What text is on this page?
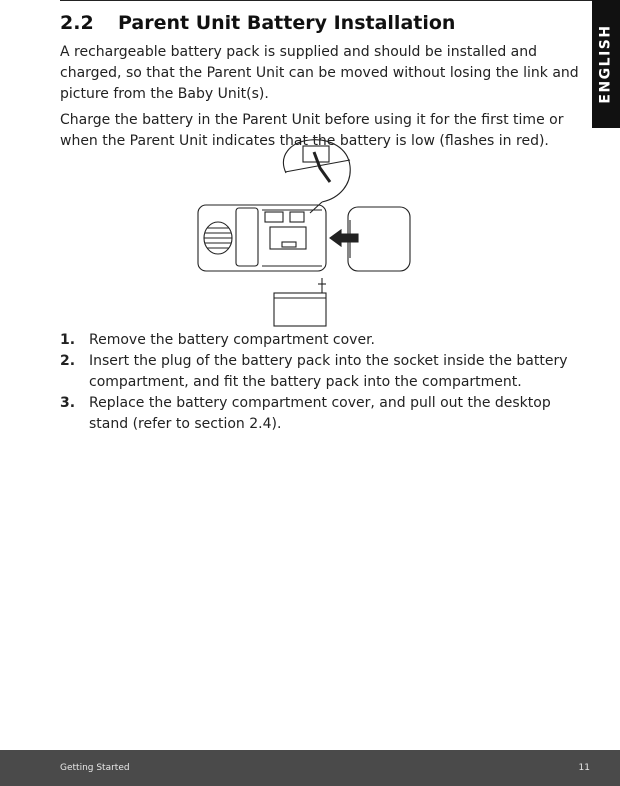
ENGLISH
2.2 Parent Unit Battery Installation

A rechargeable battery pack is supplied and should be installed and charged, so that the Parent Unit can be moved without losing the link and picture from the Baby Unit(s).

Charge the battery in the Parent Unit before using it for the first time or when the Parent Unit indicates that the battery is low (flashes in red).

1. Remove the battery compartment cover.
2. Insert the plug of the battery pack into the socket inside the battery compartment, and fit the battery pack into the compartment.
3. Replace the battery compartment cover, and pull out the desktop stand (refer to section 2.4).
Getting Started	11
